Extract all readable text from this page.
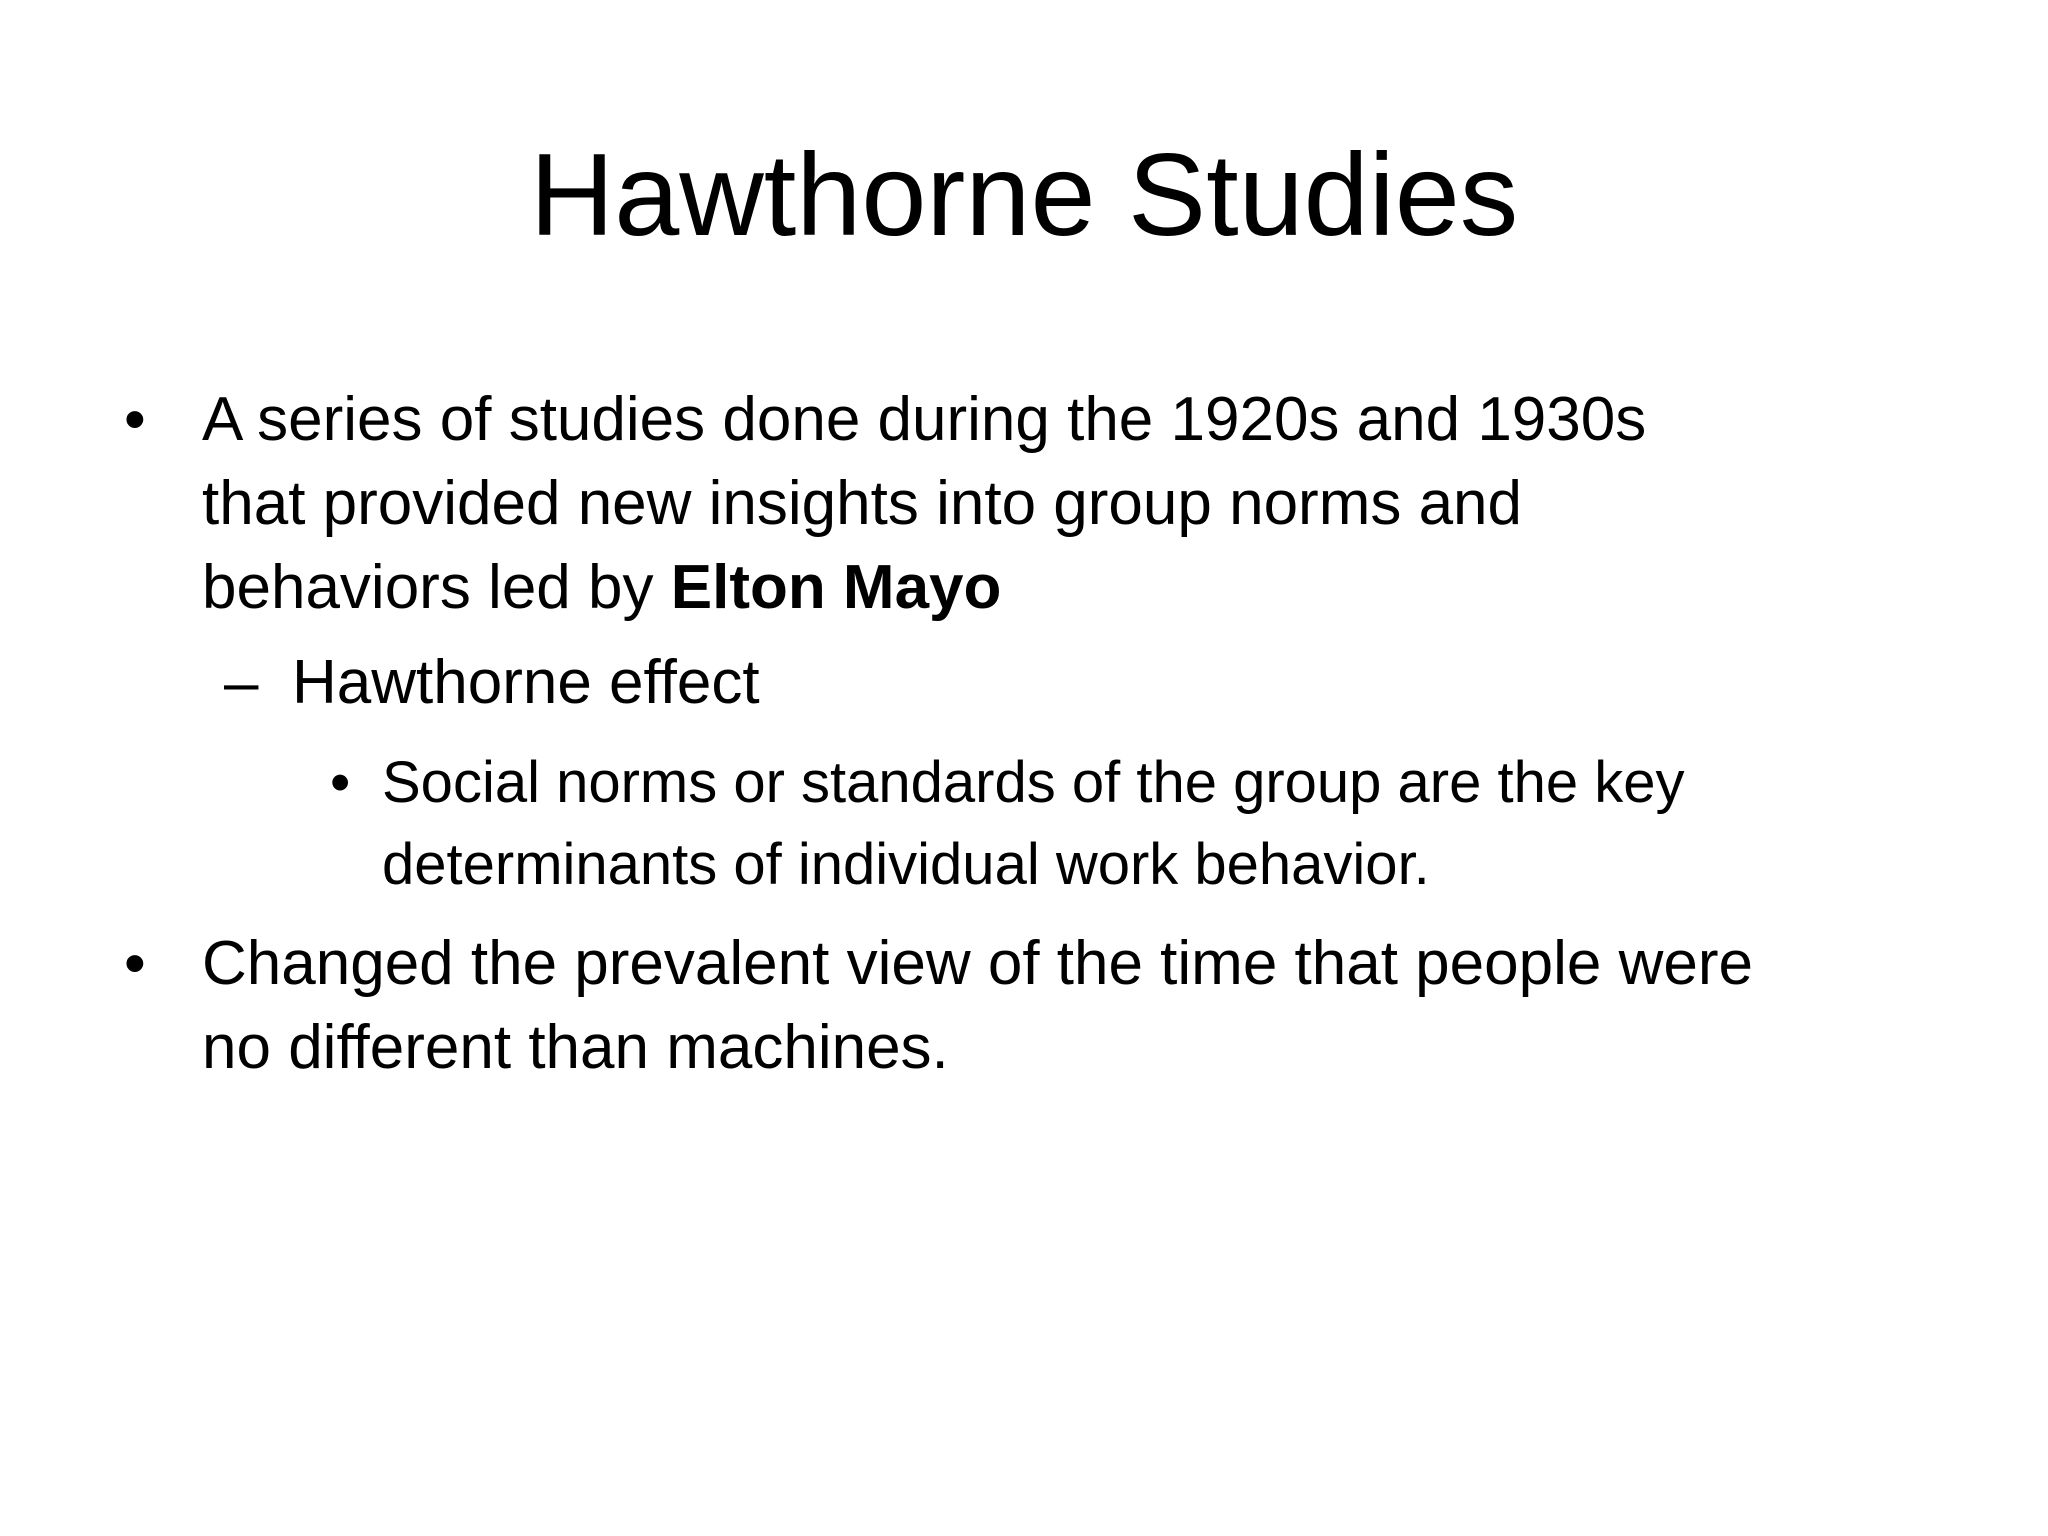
Hawthorne Studies
• A series of studies done during the 1920s and 1930s
that provided new insights into group norms and
behaviors led by Elton Mayo
– Hawthorne effect
• Social norms or standards of the group are the key
determinants of individual work behavior.
• Changed the prevalent view of the time that people were
no different than machines.
